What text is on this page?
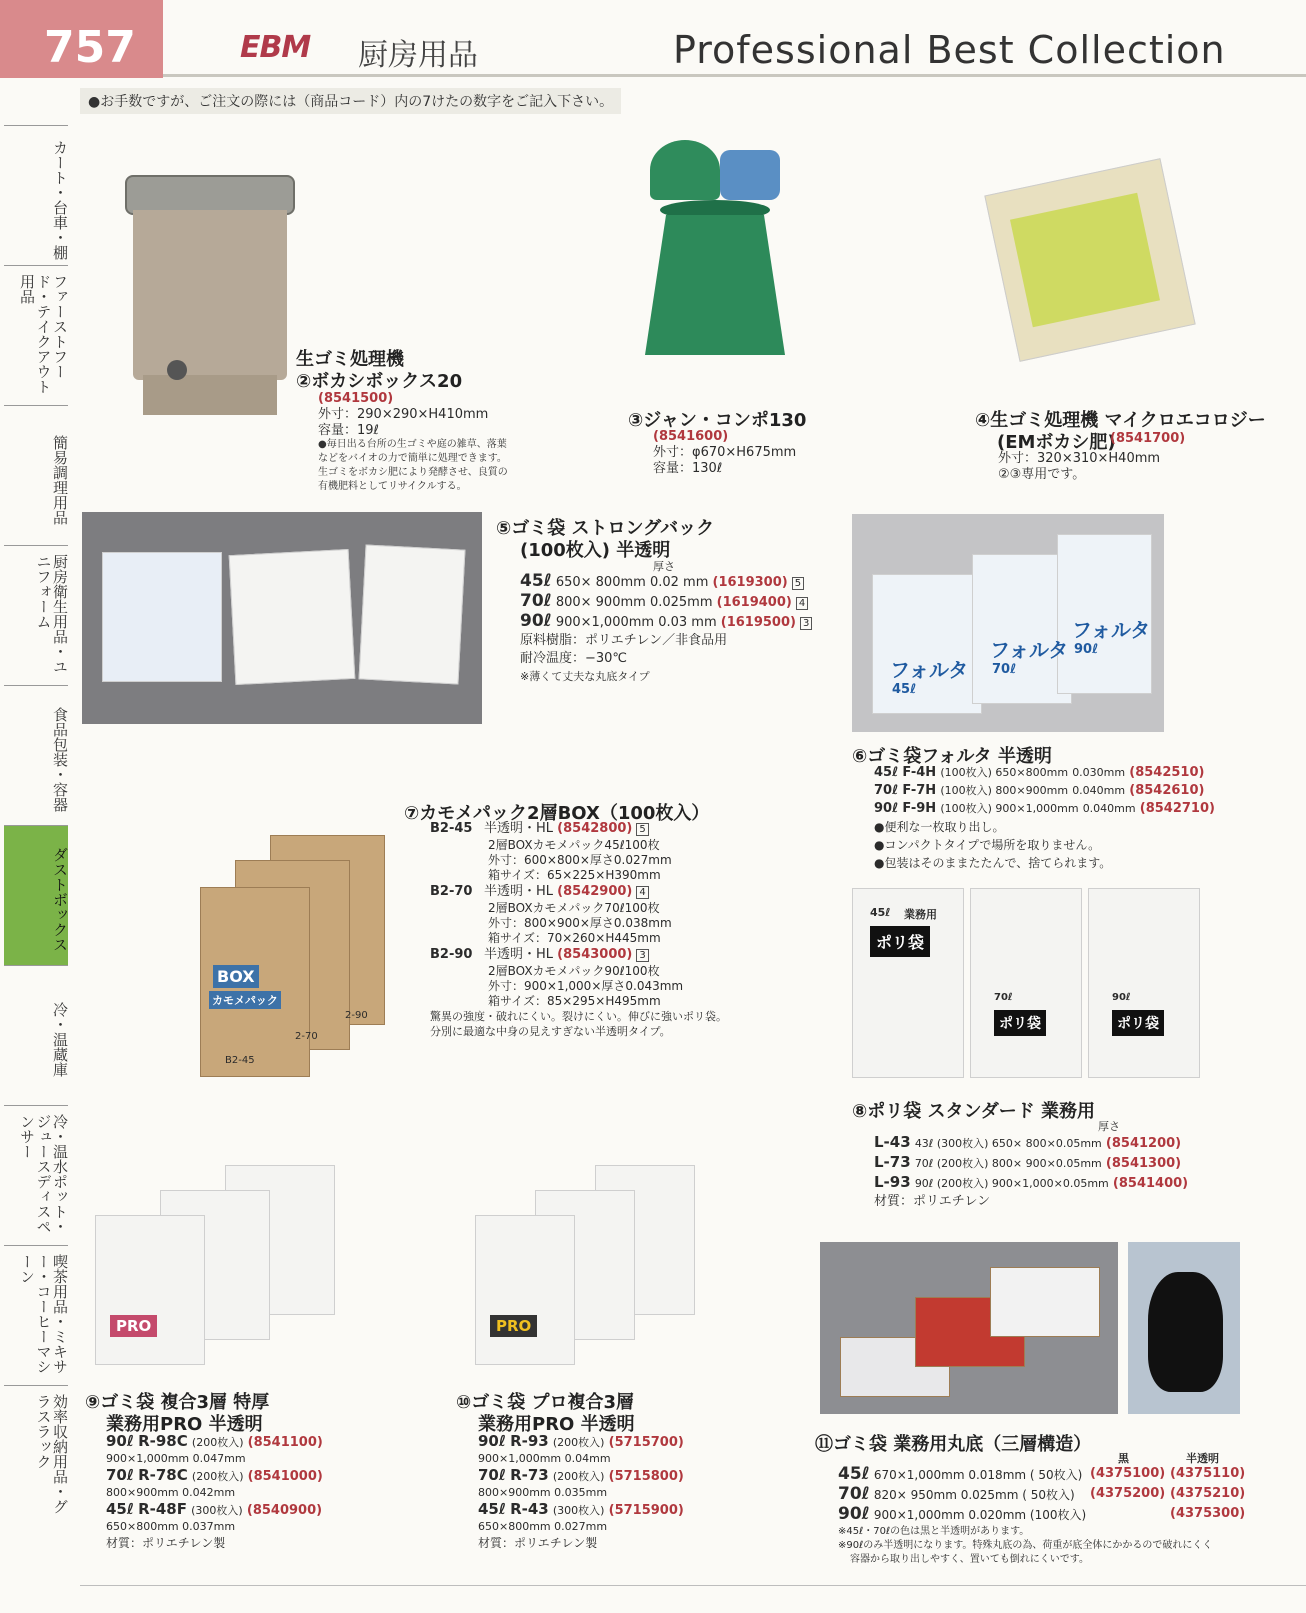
757	EBM 厨房用品	Professional Best Collection
●お手数ですが、ご注文の際には（商品コード）内の7けたの数字をご記入下さい。
カート・台車・棚
ファーストフード・テイクアウト用品
簡易調理用品
厨房衛生用品・ユニフォーム
食品包装・容器
ダストボックス
冷・温蔵庫
冷・温水ポット・ジュースディスペンサー
喫茶用品・ミキサー・コーヒーマシーン
効率収納用品・グラスラック
生ゴミ処理機
②ボカシボックス20
(8541500)
外寸：290×290×H410mm
容量：19ℓ
●毎日出る台所の生ゴミや庭の雑草、落葉
などをバイオの力で簡単に処理できます。
生ゴミをボカシ肥により発酵させ、良質の
有機肥料としてリサイクルする。
③ジャン・コンポ130
(8541600)
外寸：φ670×H675mm
容量：130ℓ
④生ゴミ処理機 マイクロエコロジー
(EMボカシ肥)
(8541700)
外寸：320×310×H40mm
②③専用です。
⑤ゴミ袋 ストロングバック
(100枚入) 半透明
厚さ
45ℓ 650× 800mm 0.02 mm (1619300) 5
70ℓ 800× 900mm 0.025mm (1619400) 4
90ℓ 900×1,000mm 0.03 mm (1619500) 3
原料樹脂：ポリエチレン／非食品用
耐冷温度：−30℃
※薄くて丈夫な丸底タイプ	フォルタ
フォルタ
フォルタ
45ℓ
70ℓ
90ℓ
⑥ゴミ袋フォルタ 半透明
45ℓ F-4H (100枚入) 650×800mm 0.030mm (8542510)
70ℓ F-7H (100枚入) 800×900mm 0.040mm (8542610)
90ℓ F-9H (100枚入) 900×1,000mm 0.040mm (8542710)
●便利な一枚取り出し。
●コンパクトタイプで場所を取りません。
●包装はそのままたたんで、捨てられます。
BOX
カモメパック
B2-45
2-70
2-90
⑦カモメパック2層BOX（100枚入）
B2-45 半透明・HL (8542800) 5
2層BOXカモメパック45ℓ100枚
外寸：600×800×厚さ0.027mm
箱サイズ：65×225×H390mm
B2-70 半透明・HL (8542900) 4
2層BOXカモメパック70ℓ100枚
外寸：800×900×厚さ0.038mm
箱サイズ：70×260×H445mm
B2-90 半透明・HL (8543000) 3
2層BOXカモメパック90ℓ100枚
外寸：900×1,000×厚さ0.043mm
箱サイズ：85×295×H495mm
驚異の強度・破れにくい。裂けにくい。伸びに強いポリ袋。
分別に最適な中身の見えすぎない半透明タイプ。
ポリ袋
ポリ袋	ポリ袋
45ℓ
70ℓ	90ℓ
業務用
⑧ポリ袋 スタンダード 業務用
厚さ
L-43 43ℓ (300枚入) 650× 800×0.05mm (8541200)
L-73 70ℓ (200枚入) 800× 900×0.05mm (8541300)
L-93 90ℓ (200枚入) 900×1,000×0.05mm (8541400)
材質：ポリエチレン
PRO
⑨ゴミ袋 複合3層 特厚
業務用PRO 半透明
90ℓ R-98C (200枚入) (8541100)
900×1,000mm 0.047mm
70ℓ R-78C (200枚入) (8541000)
800×900mm 0.042mm
45ℓ R-48F (300枚入) (8540900)
650×800mm 0.037mm
材質：ポリエチレン製
PRO
⑩ゴミ袋 プロ複合3層
業務用PRO 半透明
90ℓ R-93 (200枚入) (5715700)
900×1,000mm 0.04mm
70ℓ R-73 (200枚入) (5715800)
800×900mm 0.035mm
45ℓ R-43 (300枚入) (5715900)
650×800mm 0.027mm
材質：ポリエチレン製
⑪ゴミ袋 業務用丸底（三層構造）
黒	半透明
45ℓ 670×1,000mm 0.018mm ( 50枚入) (4375100) (4375110)
70ℓ 820× 950mm 0.025mm ( 50枚入) (4375200) (4375210)
90ℓ 900×1,000mm 0.020mm (100枚入)	(4375300)
※45ℓ・70ℓの色は黒と半透明があります。
※90ℓのみ半透明になります。特殊丸底の為、荷重が底全体にかかるので破れにくく
容器から取り出しやすく、置いても倒れにくいです。
